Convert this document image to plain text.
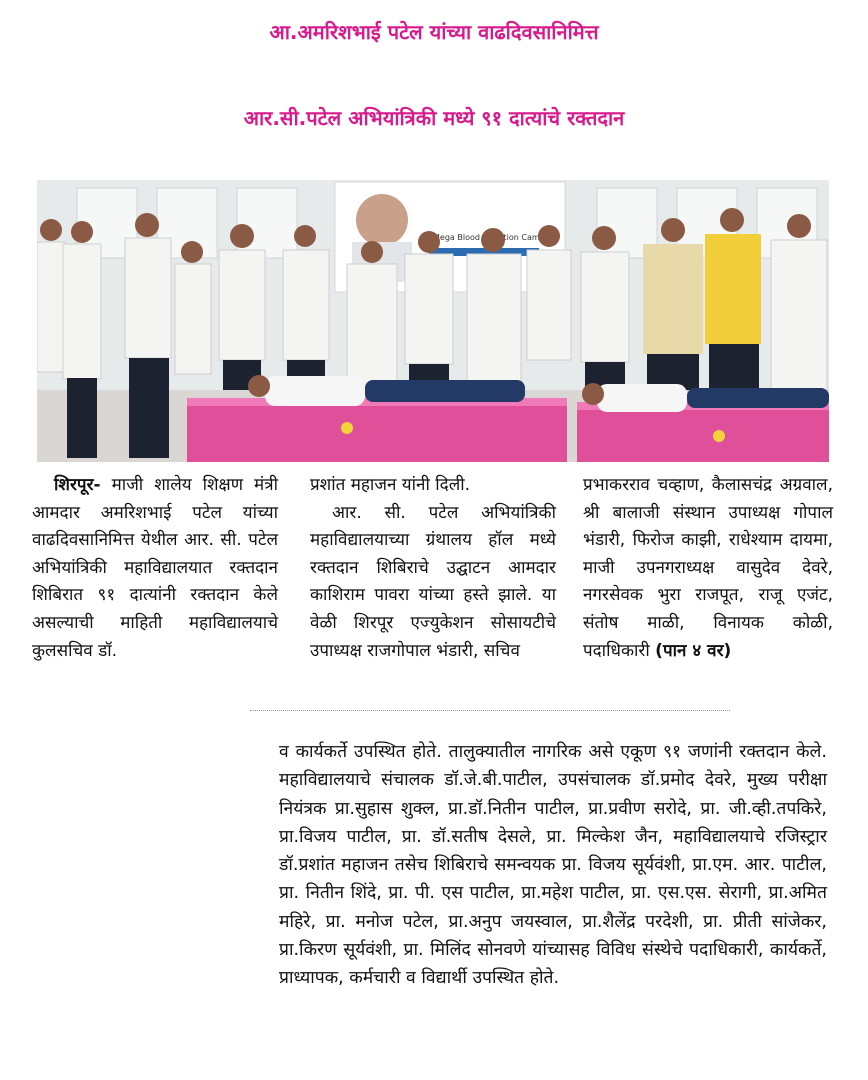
आ.अमरिशभाई पटेल यांच्या वाढदिवसानिमित्त
आर.सी.पटेल अभियांत्रिकी मध्ये ९१ दात्यांचे रक्तदान
Mega Blood Camp

शिरपूर- माजी शालेय शिक्षण मंत्री आमदार अमरिशभाई पटेल यांच्या वाढदिवसानिमित्त येथील आर. सी. पटेल अभियांत्रिकी महाविद्यालयात रक्तदान शिबिरात ९१ दात्यांनी रक्तदान केले असल्याची माहिती महाविद्यालयाचे कुलसचिव डॉ.

प्रशांत महाजन यांनी दिली.

आर. सी. पटेल अभियांत्रिकी महाविद्यालयाच्या ग्रंथालय हॉल मध्ये रक्तदान शिबिराचे उद्घाटन आमदार काशिराम पावरा यांच्या हस्ते झाले. या वेळी शिरपूर एज्युकेशन सोसायटीचे उपाध्यक्ष राजगोपाल भंडारी, सचिव

प्रभाकरराव चव्हाण, कैलासचंद्र अग्रवाल, श्री बालाजी संस्थान उपाध्यक्ष गोपाल भंडारी, फिरोज काझी, राधेश्याम दायमा, माजी उपनगराध्यक्ष वासुदेव देवरे, नगरसेवक भुरा राजपूत, राजू एजंट, संतोष माळी, विनायक कोळी, पदाधिकारी (पान ४ वर)

व कार्यकर्ते उपस्थित होते. तालुक्यातील नागरिक असे एकूण ९१ जणांनी रक्तदान केले. महाविद्यालयाचे संचालक डॉ.जे.बी.पाटील, उपसंचालक डॉ.प्रमोद देवरे, मुख्य परीक्षा नियंत्रक प्रा.सुहास शुक्ल, प्रा.डॉ.नितीन पाटील, प्रा.प्रवीण सरोदे, प्रा. जी.व्ही.तपकिरे, प्रा.विजय पाटील, प्रा. डॉ.सतीष देसले, प्रा. मिल्केश जैन, महाविद्यालयाचे रजिस्ट्रार डॉ.प्रशांत महाजन तसेच शिबिराचे समन्वयक प्रा. विजय सूर्यवंशी, प्रा.एम. आर. पाटील, प्रा. नितीन शिंदे, प्रा. पी. एस पाटील, प्रा.महेश पाटील, प्रा. एस.एस. सेरागी, प्रा.अमित महिरे, प्रा. मनोज पटेल, प्रा.अनुप जयस्वाल, प्रा.शैलेंद्र परदेशी, प्रा. प्रीती सांजेकर, प्रा.किरण सूर्यवंशी, प्रा. मिलिंद सोनवणे यांच्यासह विविध संस्थेचे पदाधिकारी, कार्यकर्ते, प्राध्यापक, कर्मचारी व विद्यार्थी उपस्थित होते.
